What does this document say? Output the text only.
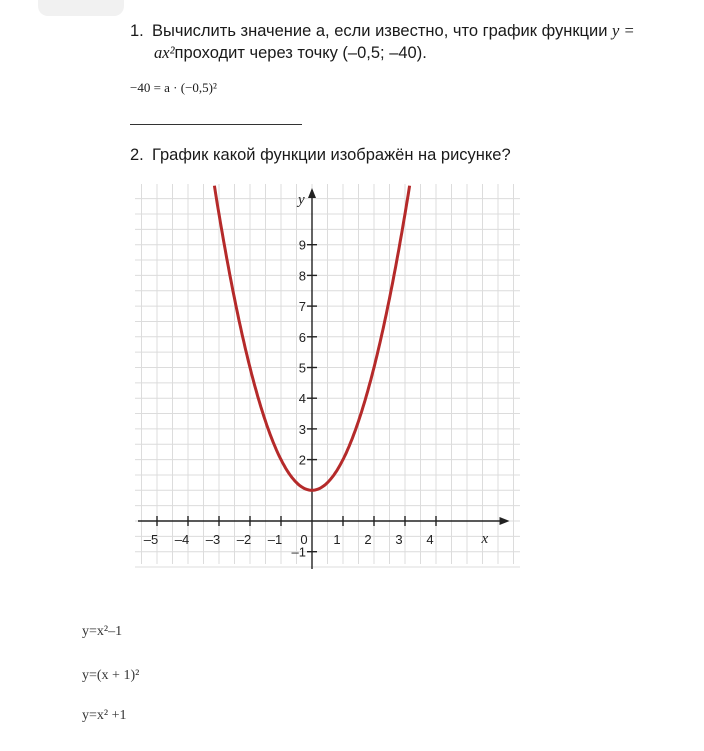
1. Вычислить значение а, если известно, что график функции y =
ax²проходит через точку (–0,5; –40).
−40 = a · (−0,5)²
2. График какой функции изображён на рисунке?
x
y
–5 –4 –3 –2 –1 0 1 2 3 4
9
8
7
6
5
4
3
2
–1
y=x²–1
y=(x + 1)²
y=x² +1
